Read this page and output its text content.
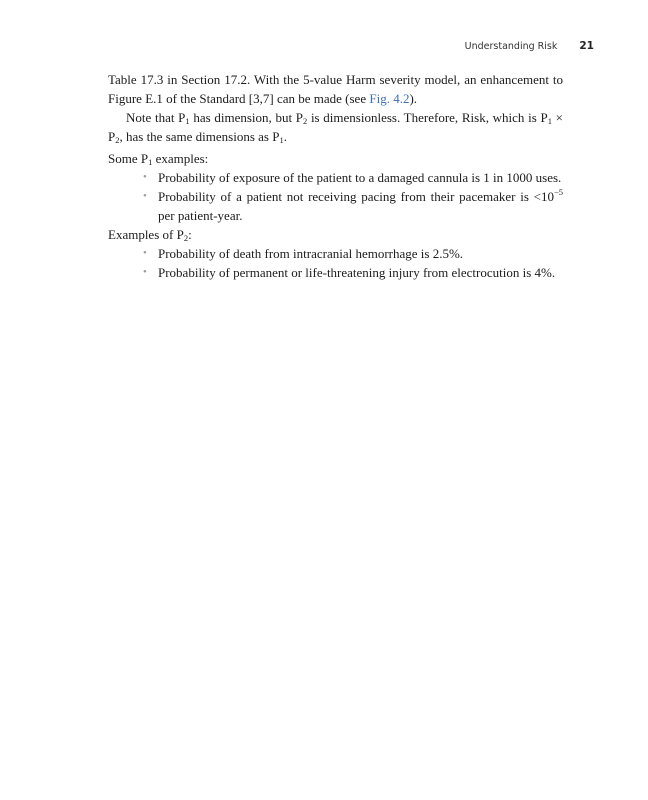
Understanding Risk 21

Table 17.3 in Section 17.2. With the 5-value Harm severity model, an enhancement to Figure E.1 of the Standard [3,7] can be made (see Fig. 4.2).

Note that $P_1$ has dimension, but $P_2$ is dimensionless. Therefore, Risk, which is $P_1 \times P_2$, has the same dimensions as $P_1$.

Some $P_1$ examples:

• Probability of exposure of the patient to a damaged cannula is 1 in 1000 uses.
• Probability of a patient not receiving pacing from their pacemaker is $<10^{-5}$ per patient-year.

Examples of $P_2$:

• Probability of death from intracranial hemorrhage is 2.5%.
• Probability of permanent or life-threatening injury from electrocution is 4%.
